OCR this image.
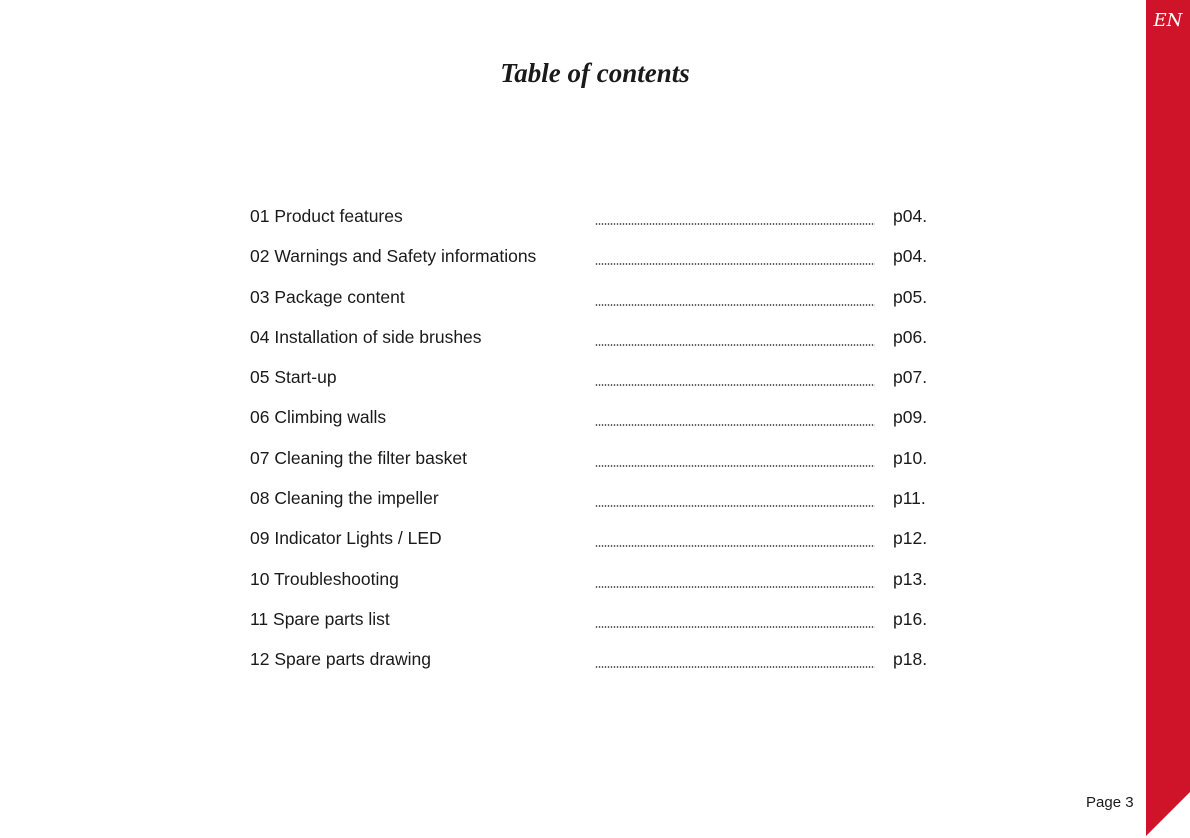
EN
Table of contents
01 Product features	p04.
02 Warnings and Safety informations	p04.
03 Package content	p05.
04 Installation of side brushes	p06.
05 Start-up	p07.
06 Climbing walls	p09.
07 Cleaning the filter basket	p10.
08 Cleaning the impeller	p11.
09 Indicator Lights / LED	p12.
10 Troubleshooting	p13.
11 Spare parts list	p16.
12 Spare parts drawing	p18.
Page 3
